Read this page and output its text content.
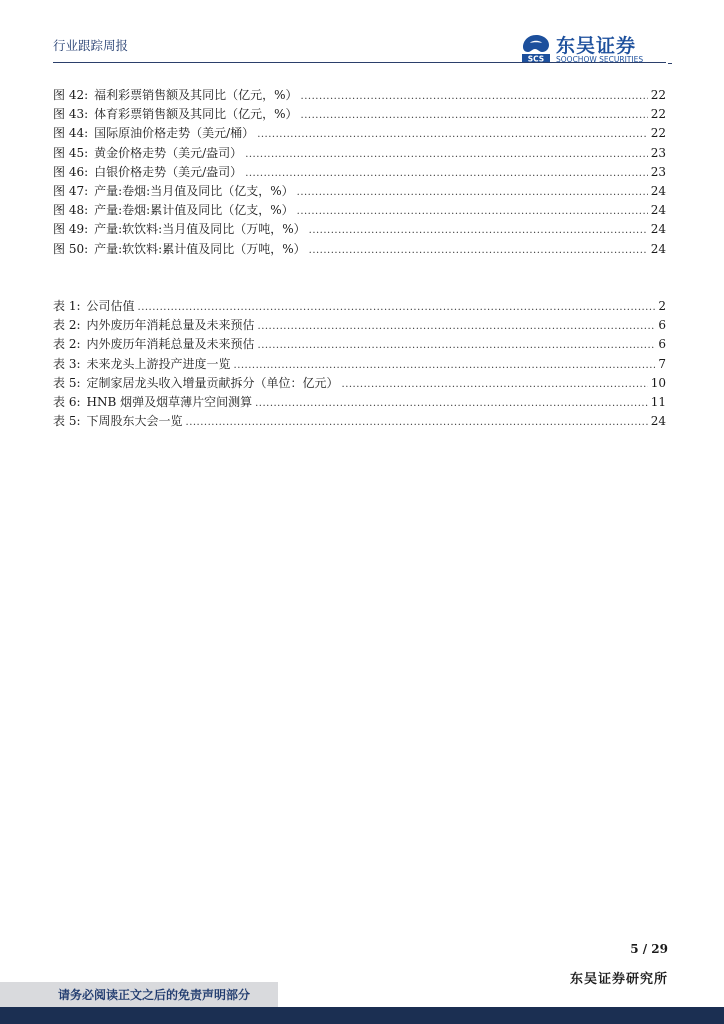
行业跟踪周报
SCS
东吴证券
SOOCHOW SECURITIES
图 42: 福利彩票销售额及其同比（亿元，%） .....	22
图 43: 体育彩票销售额及其同比（亿元，%） .....	22
图 44: 国际原油价格走势（美元/桶） .....	22
图 45: 黄金价格走势（美元/盎司） .....	23
图 46: 白银价格走势（美元/盎司） .....	23
图 47: 产量:卷烟:当月值及同比（亿支，%） .....	24
图 48: 产量:卷烟:累计值及同比（亿支，%） .....	24
图 49: 产量:软饮料:当月值及同比（万吨，%） .....	24
图 50: 产量:软饮料:累计值及同比（万吨，%） .....	24
表 1: 公司估值 .....	2
表 2: 内外废历年消耗总量及未来预估 .....	6
表 2: 内外废历年消耗总量及未来预估 .....	6
表 3: 未来龙头上游投产进度一览 .....	7
表 5: 定制家居龙头收入增量贡献拆分（单位：亿元） .....	10
表 6: HNB 烟弹及烟草薄片空间测算 .....	11
表 5: 下周股东大会一览 .....	24
5 / 29
东吴证券研究所
请务必阅读正文之后的免责声明部分
